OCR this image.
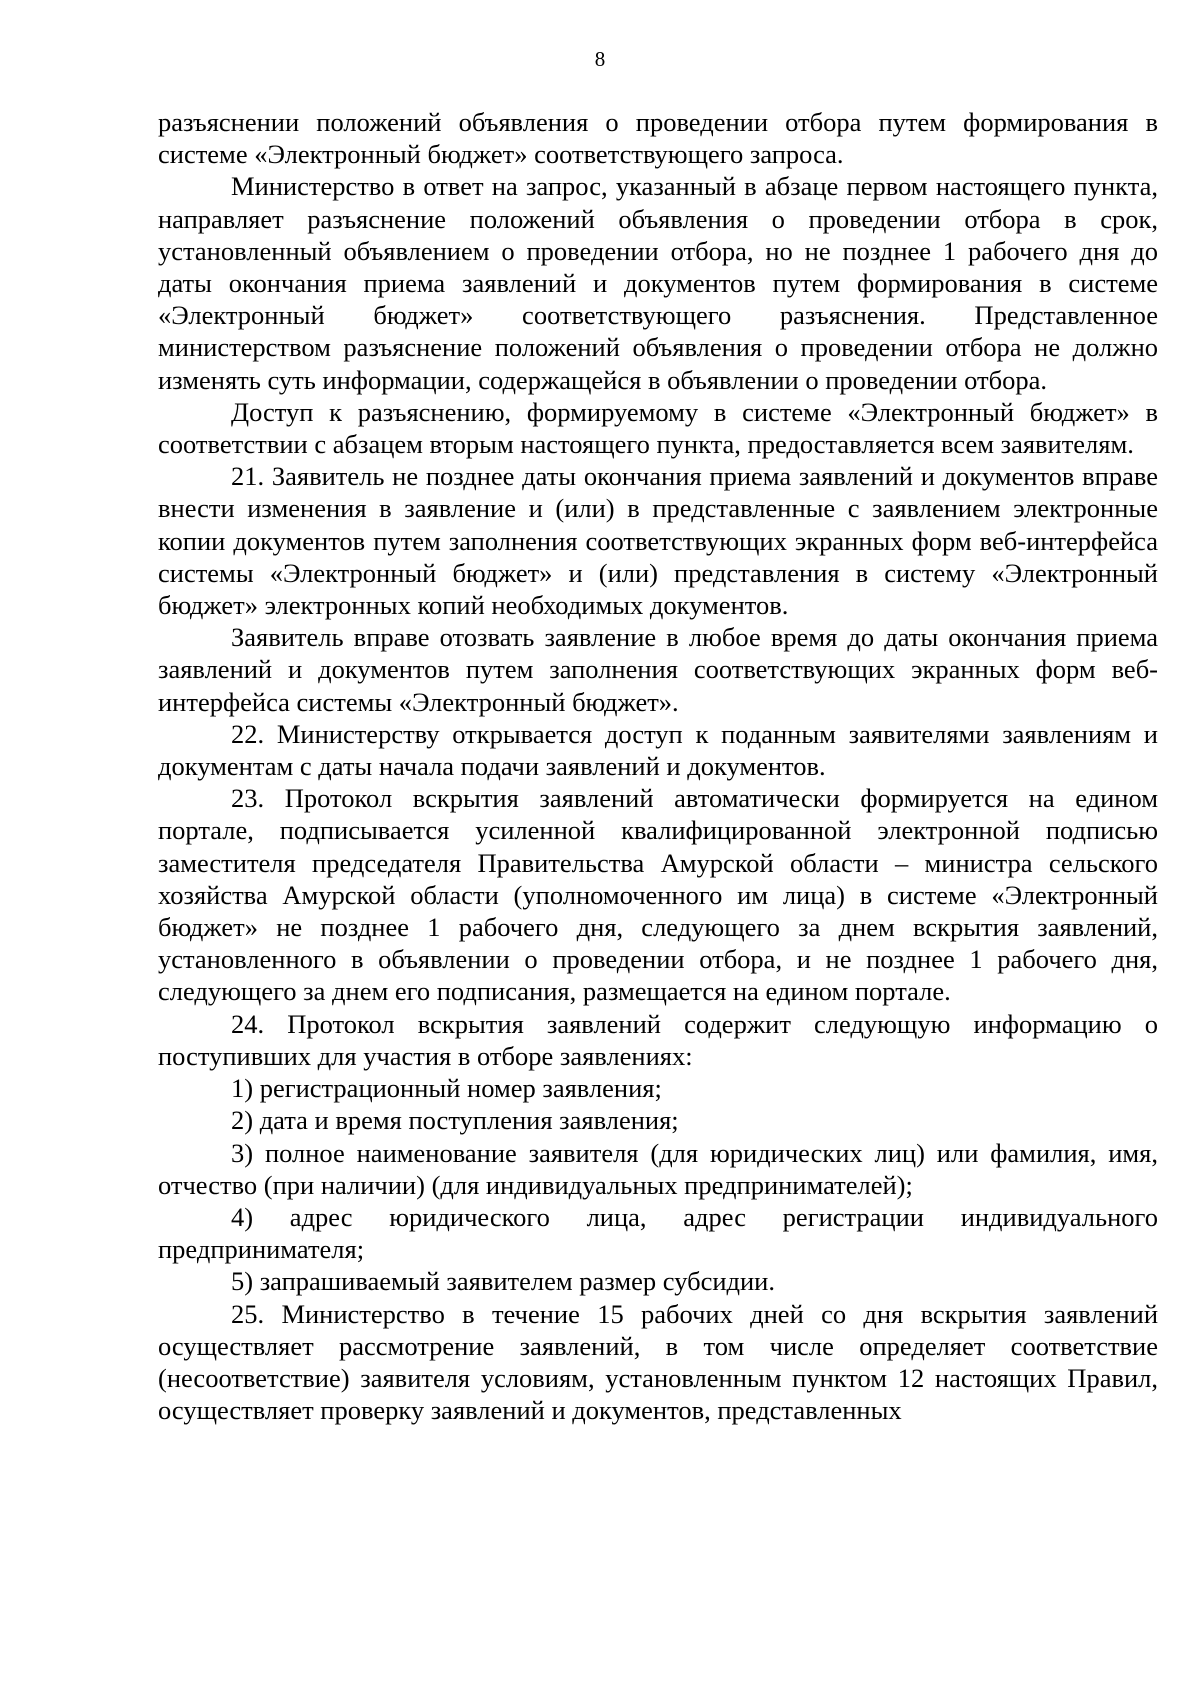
8

разъяснении положений объявления о проведении отбора путем формирования в системе «Электронный бюджет» соответствующего запроса.

Министерство в ответ на запрос, указанный в абзаце первом настоящего пункта, направляет разъяснение положений объявления о проведении отбора в срок, установленный объявлением о проведении отбора, но не позднее 1 рабочего дня до даты окончания приема заявлений и документов путем формирования в системе «Электронный бюджет» соответствующего разъяснения. Представленное министерством разъяснение положений объявления о проведении отбора не должно изменять суть информации, содержащейся в объявлении о проведении отбора.

Доступ к разъяснению, формируемому в системе «Электронный бюджет» в соответствии с абзацем вторым настоящего пункта, предоставляется всем заявителям.

21. Заявитель не позднее даты окончания приема заявлений и документов вправе внести изменения в заявление и (или) в представленные с заявлением электронные копии документов путем заполнения соответствующих экранных форм веб-интерфейса системы «Электронный бюджет» и (или) представления в систему «Электронный бюджет» электронных копий необходимых документов.

Заявитель вправе отозвать заявление в любое время до даты окончания приема заявлений и документов путем заполнения соответствующих экранных форм веб-интерфейса системы «Электронный бюджет».

22. Министерству открывается доступ к поданным заявителями заявлениям и документам с даты начала подачи заявлений и документов.

23. Протокол вскрытия заявлений автоматически формируется на едином портале, подписывается усиленной квалифицированной электронной подписью заместителя председателя Правительства Амурской области – министра сельского хозяйства Амурской области (уполномоченного им лица) в системе «Электронный бюджет» не позднее 1 рабочего дня, следующего за днем вскрытия заявлений, установленного в объявлении о проведении отбора, и не позднее 1 рабочего дня, следующего за днем его подписания, размещается на едином портале.

24. Протокол вскрытия заявлений содержит следующую информацию о поступивших для участия в отборе заявлениях:

1) регистрационный номер заявления;

2) дата и время поступления заявления;

3) полное наименование заявителя (для юридических лиц) или фамилия, имя, отчество (при наличии) (для индивидуальных предпринимателей);

4) адрес юридического лица, адрес регистрации индивидуального предпринимателя;

5) запрашиваемый заявителем размер субсидии.

25. Министерство в течение 15 рабочих дней со дня вскрытия заявлений осуществляет рассмотрение заявлений, в том числе определяет соответствие (несоответствие) заявителя условиям, установленным пунктом 12 настоящих Правил, осуществляет проверку заявлений и документов, представленных
